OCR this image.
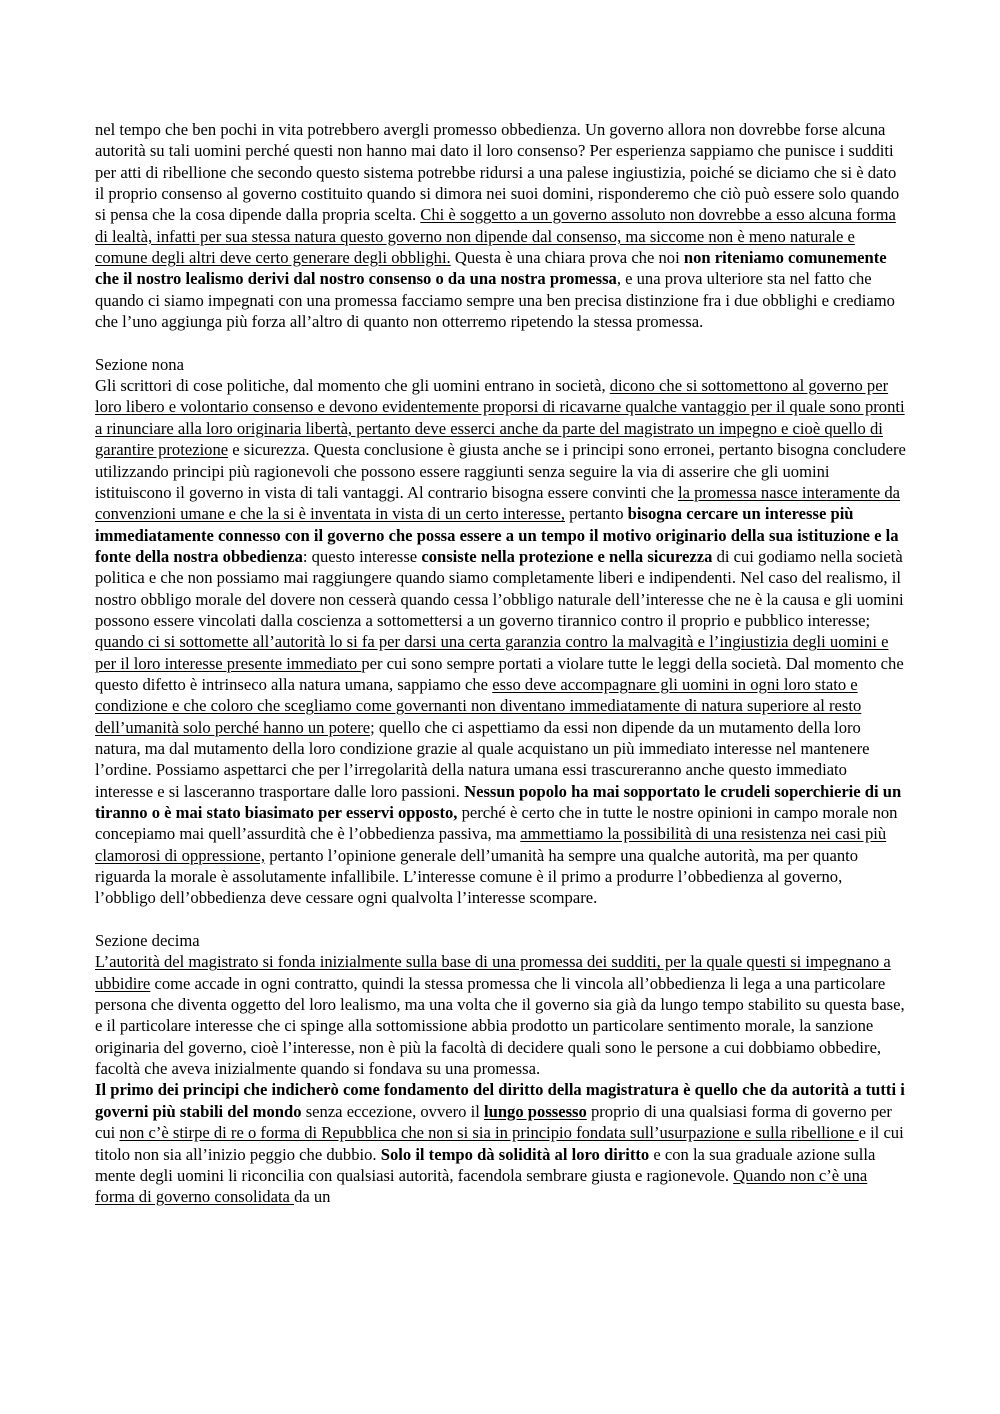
nel tempo che ben pochi in vita potrebbero avergli promesso obbedienza. Un governo allora non dovrebbe forse alcuna autorità su tali uomini perché questi non hanno mai dato il loro consenso? Per esperienza sappiamo che punisce i sudditi per atti di ribellione che secondo questo sistema potrebbe ridursi a una palese ingiustizia, poiché se diciamo che si è dato il proprio consenso al governo costituito quando si dimora nei suoi domini, risponderemo che ciò può essere solo quando si pensa che la cosa dipende dalla propria scelta. Chi è soggetto a un governo assoluto non dovrebbe a esso alcuna forma di lealtà, infatti per sua stessa natura questo governo non dipende dal consenso, ma siccome non è meno naturale e comune degli altri deve certo generare degli obblighi. Questa è una chiara prova che noi non riteniamo comunemente che il nostro lealismo derivi dal nostro consenso o da una nostra promessa, e una prova ulteriore sta nel fatto che quando ci siamo impegnati con una promessa facciamo sempre una ben precisa distinzione fra i due obblighi e crediamo che l’uno aggiunga più forza all’altro di quanto non otterremo ripetendo la stessa promessa.

Sezione nona

Gli scrittori di cose politiche, dal momento che gli uomini entrano in società, dicono che si sottomettono al governo per loro libero e volontario consenso e devono evidentemente proporsi di ricavarne qualche vantaggio per il quale sono pronti a rinunciare alla loro originaria libertà, pertanto deve esserci anche da parte del magistrato un impegno e cioè quello di garantire protezione e sicurezza. Questa conclusione è giusta anche se i principi sono erronei, pertanto bisogna concludere utilizzando principi più ragionevoli che possono essere raggiunti senza seguire la via di asserire che gli uomini istituiscono il governo in vista di tali vantaggi. Al contrario bisogna essere convinti che la promessa nasce interamente da convenzioni umane e che la si è inventata in vista di un certo interesse, pertanto bisogna cercare un interesse più immediatamente connesso con il governo che possa essere a un tempo il motivo originario della sua istituzione e la fonte della nostra obbedienza: questo interesse consiste nella protezione e nella sicurezza di cui godiamo nella società politica e che non possiamo mai raggiungere quando siamo completamente liberi e indipendenti. Nel caso del realismo, il nostro obbligo morale del dovere non cesserà quando cessa l’obbligo naturale dell’interesse che ne è la causa e gli uomini possono essere vincolati dalla coscienza a sottomettersi a un governo tirannico contro il proprio e pubblico interesse; quando ci si sottomette all’autorità lo si fa per darsi una certa garanzia contro la malvagità e l’ingiustizia degli uomini e per il loro interesse presente immediato per cui sono sempre portati a violare tutte le leggi della società. Dal momento che questo difetto è intrinseco alla natura umana, sappiamo che esso deve accompagnare gli uomini in ogni loro stato e condizione e che coloro che scegliamo come governanti non diventano immediatamente di natura superiore al resto dell’umanità solo perché hanno un potere; quello che ci aspettiamo da essi non dipende da un mutamento della loro natura, ma dal mutamento della loro condizione grazie al quale acquistano un più immediato interesse nel mantenere l’ordine. Possiamo aspettarci che per l’irregolarità della natura umana essi trascureranno anche questo immediato interesse e si lasceranno trasportare dalle loro passioni. Nessun popolo ha mai sopportato le crudeli soperchierie di un tiranno o è mai stato biasimato per esservi opposto, perché è certo che in tutte le nostre opinioni in campo morale non concepiamo mai quell’assurdità che è l’obbedienza passiva, ma ammettiamo la possibilità di una resistenza nei casi più clamorosi di oppressione, pertanto l’opinione generale dell’umanità ha sempre una qualche autorità, ma per quanto riguarda la morale è assolutamente infallibile. L’interesse comune è il primo a produrre l’obbedienza al governo, l’obbligo dell’obbedienza deve cessare ogni qualvolta l’interesse scompare.

Sezione decima

L’autorità del magistrato si fonda inizialmente sulla base di una promessa dei sudditi, per la quale questi si impegnano a ubbidire come accade in ogni contratto, quindi la stessa promessa che li vincola all’obbedienza li lega a una particolare persona che diventa oggetto del loro lealismo, ma una volta che il governo sia già da lungo tempo stabilito su questa base, e il particolare interesse che ci spinge alla sottomissione abbia prodotto un particolare sentimento morale, la sanzione originaria del governo, cioè l’interesse, non è più la facoltà di decidere quali sono le persone a cui dobbiamo obbedire, facoltà che aveva inizialmente quando si fondava su una promessa.

Il primo dei principi che indicherò come fondamento del diritto della magistratura è quello che da autorità a tutti i governi più stabili del mondo senza eccezione, ovvero il lungo possesso proprio di una qualsiasi forma di governo per cui non c’è stirpe di re o forma di Repubblica che non si sia in principio fondata sull’usurpazione e sulla ribellione e il cui titolo non sia all’inizio peggio che dubbio. Solo il tempo dà solidità al loro diritto e con la sua graduale azione sulla mente degli uomini li riconcilia con qualsiasi autorità, facendola sembrare giusta e ragionevole. Quando non c’è una forma di governo consolidata da un
